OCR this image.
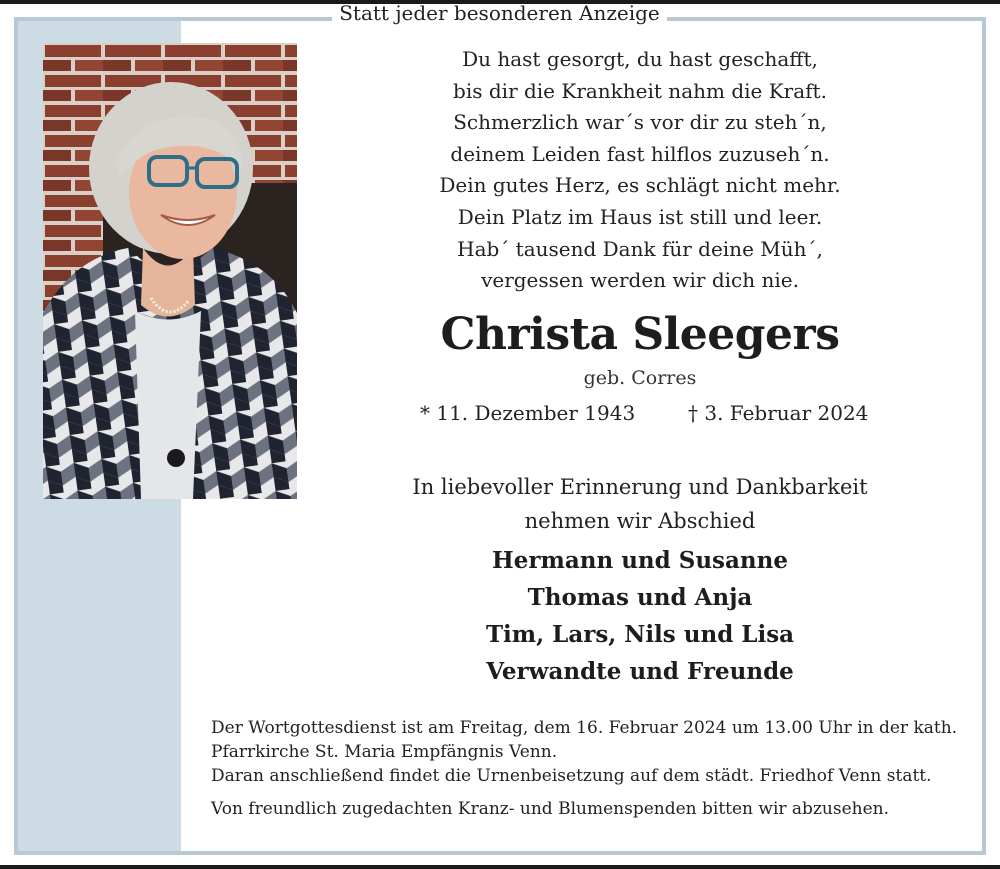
Statt jeder besonderen Anzeige
Du hast gesorgt, du hast geschafft,
bis dir die Krankheit nahm die Kraft.
Schmerzlich war´s vor dir zu steh´n,
deinem Leiden fast hilflos zuzuseh´n.
Dein gutes Herz, es schlägt nicht mehr.
Dein Platz im Haus ist still und leer.
Hab´ tausend Dank für deine Müh´,
vergessen werden wir dich nie.
Christa Sleegers
geb. Corres
* 11. Dezember 1943	† 3. Februar 2024
In liebevoller Erinnerung und Dankbarkeit
nehmen wir Abschied
Hermann und Susanne
Thomas und Anja
Tim, Lars, Nils und Lisa
Verwandte und Freunde
Der Wortgottesdienst ist am Freitag, dem 16. Februar 2024 um 13.00 Uhr in der kath.
Pfarrkirche St. Maria Empfängnis Venn.
Daran anschließend findet die Urnenbeisetzung auf dem städt. Friedhof Venn statt.
Von freundlich zugedachten Kranz- und Blumenspenden bitten wir abzusehen.
